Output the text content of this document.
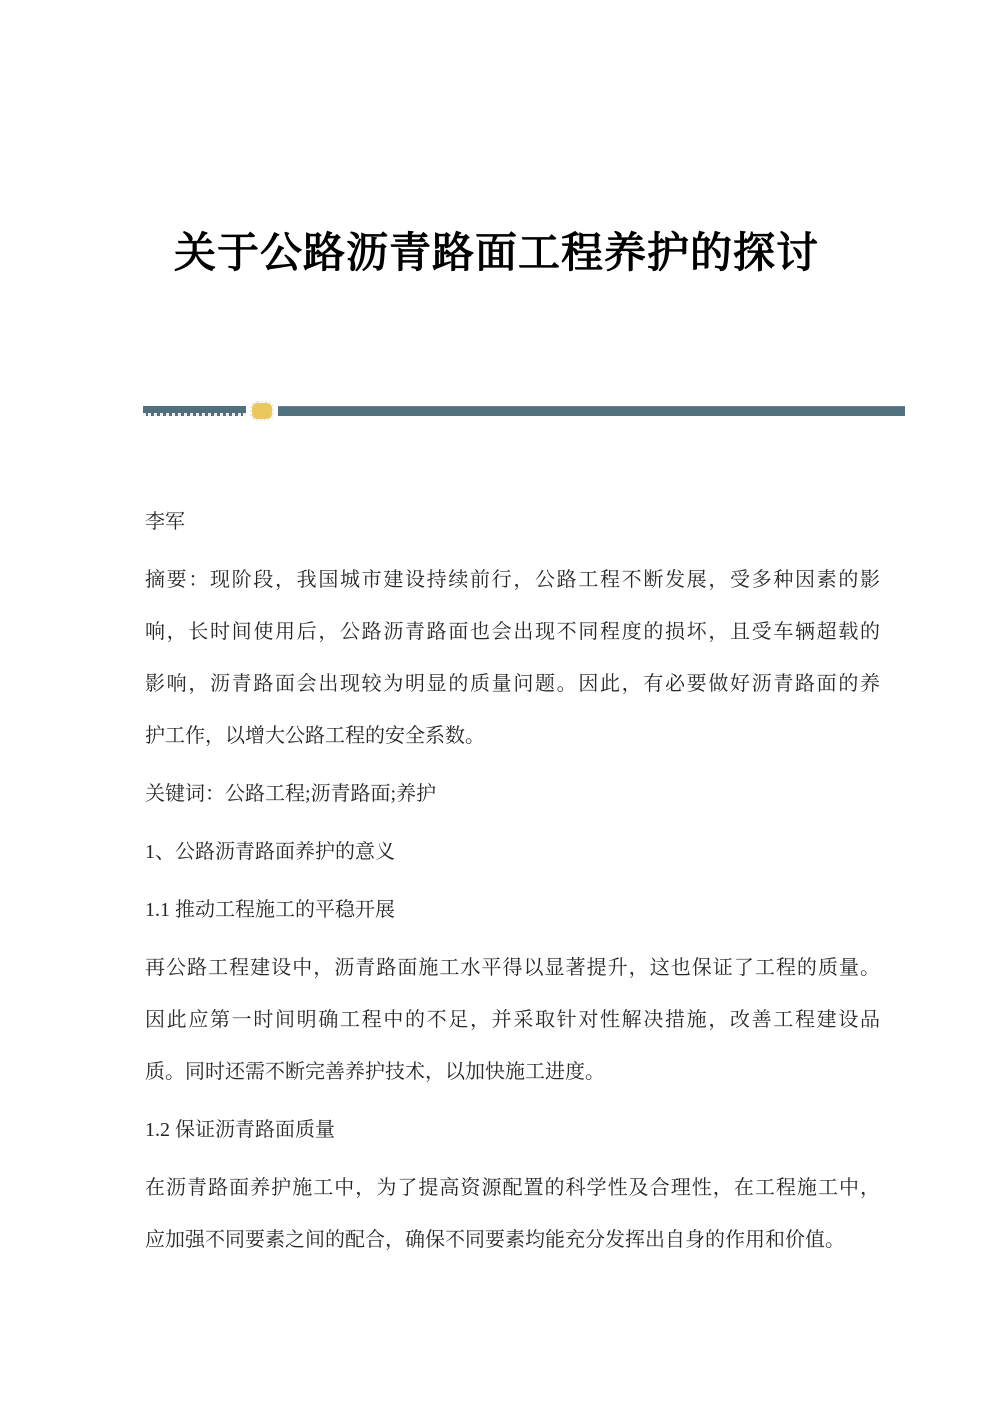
关于公路沥青路面工程养护的探讨

李军

摘要：现阶段，我国城市建设持续前行，公路工程不断发展，受多种因素的影

响，长时间使用后，公路沥青路面也会出现不同程度的损坏，且受车辆超载的

影响，沥青路面会出现较为明显的质量问题。因此，有必要做好沥青路面的养

护工作，以增大公路工程的安全系数。

关键词：公路工程;沥青路面;养护

1、公路沥青路面养护的意义

1.1 推动工程施工的平稳开展

再公路工程建设中，沥青路面施工水平得以显著提升，这也保证了工程的质量。

因此应第一时间明确工程中的不足，并采取针对性解决措施，改善工程建设品

质。同时还需不断完善养护技术，以加快施工进度。

1.2 保证沥青路面质量

在沥青路面养护施工中，为了提高资源配置的科学性及合理性，在工程施工中，

应加强不同要素之间的配合，确保不同要素均能充分发挥出自身的作用和价值。
